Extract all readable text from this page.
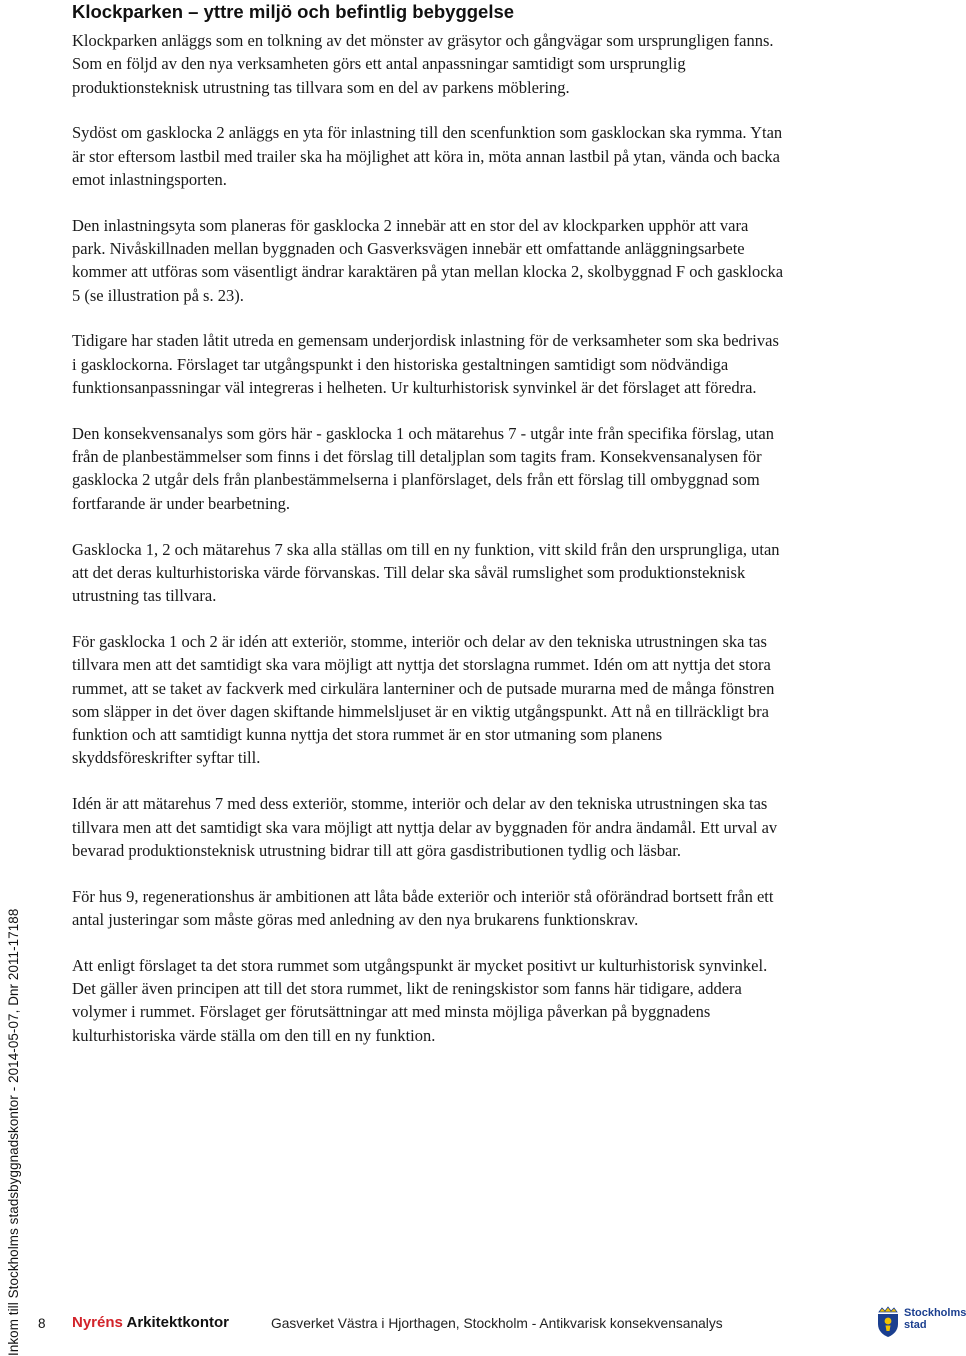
Inkom till Stockholms stadsbyggnadskontor - 2014-05-07, Dnr 2011-17188
Klockparken – yttre miljö och befintlig bebyggelse

Klockparken anläggs som en tolkning av det mönster av gräsytor och gångvägar som ursprungligen fanns. Som en följd av den nya verksamheten görs ett antal anpassningar samtidigt som ursprunglig produktionsteknisk utrustning tas tillvara som en del av parkens möblering.

Sydöst om gasklocka 2 anläggs en yta för inlastning till den scenfunktion som gasklockan ska rymma. Ytan är stor eftersom lastbil med trailer ska ha möjlighet att köra in, möta annan lastbil på ytan, vända och backa emot inlastningsporten.

Den inlastningsyta som planeras för gasklocka 2 innebär att en stor del av klockparken upphör att vara park. Nivåskillnaden mellan byggnaden och Gasverksvägen innebär ett omfattande anläggningsarbete kommer att utföras som väsentligt ändrar karaktären på ytan mellan klocka 2, skolbyggnad F och gasklocka 5 (se illustration på s. 23).

Tidigare har staden låtit utreda en gemensam underjordisk inlastning för de verksamheter som ska bedrivas i gasklockorna. Förslaget tar utgångspunkt i den historiska gestaltningen samtidigt som nödvändiga funktionsanpassningar väl integreras i helheten. Ur kulturhistorisk synvinkel är det förslaget att föredra.

Den konsekvensanalys som görs här - gasklocka 1 och mätarehus 7 - utgår inte från specifika förslag, utan från de planbestämmelser som finns i det förslag till detaljplan som tagits fram. Konsekvensanalysen för gasklocka 2 utgår dels från planbestämmelserna i planförslaget, dels från ett förslag till ombyggnad som fortfarande är under bearbetning.

Gasklocka 1, 2 och mätarehus 7 ska alla ställas om till en ny funktion, vitt skild från den ursprungliga, utan att det deras kulturhistoriska värde förvanskas. Till delar ska såväl rumslighet som produktionsteknisk utrustning tas tillvara.

För gasklocka 1 och 2 är idén att exteriör, stomme, interiör och delar av den tekniska utrustningen ska tas tillvara men att det samtidigt ska vara möjligt att nyttja det storslagna rummet. Idén om att nyttja det stora rummet, att se taket av fackverk med cirkulära lanterniner och de putsade murarna med de många fönstren som släpper in det över dagen skiftande himmelsljuset är en viktig utgångspunkt. Att nå en tillräckligt bra funktion och att samtidigt kunna nyttja det stora rummet är en stor utmaning som planens skyddsföreskrifter syftar till.

Idén är att mätarehus 7 med dess exteriör, stomme, interiör och delar av den tekniska utrustningen ska tas tillvara men att det samtidigt ska vara möjligt att nyttja delar av byggnaden för andra ändamål. Ett urval av bevarad produktionsteknisk utrustning bidrar till att göra gasdistributionen tydlig och läsbar.

För hus 9, regenerationshus är ambitionen att låta både exteriör och interiör stå oförändrad bortsett från ett antal justeringar som måste göras med anledning av den nya brukarens funktionskrav.

Att enligt förslaget ta det stora rummet som utgångspunkt är mycket positivt ur kulturhistorisk synvinkel. Det gäller även principen att till det stora rummet, likt de reningskistor som fanns här tidigare, addera volymer i rummet. Förslaget ger förutsättningar att med minsta möjliga påverkan på byggnadens kulturhistoriska värde ställa om den till en ny funktion.

8 Nyréns Arkitektkontor	Gasverket Västra i Hjorthagen, Stockholm - Antikvarisk konsekvensanalys
Stockholms
stad
